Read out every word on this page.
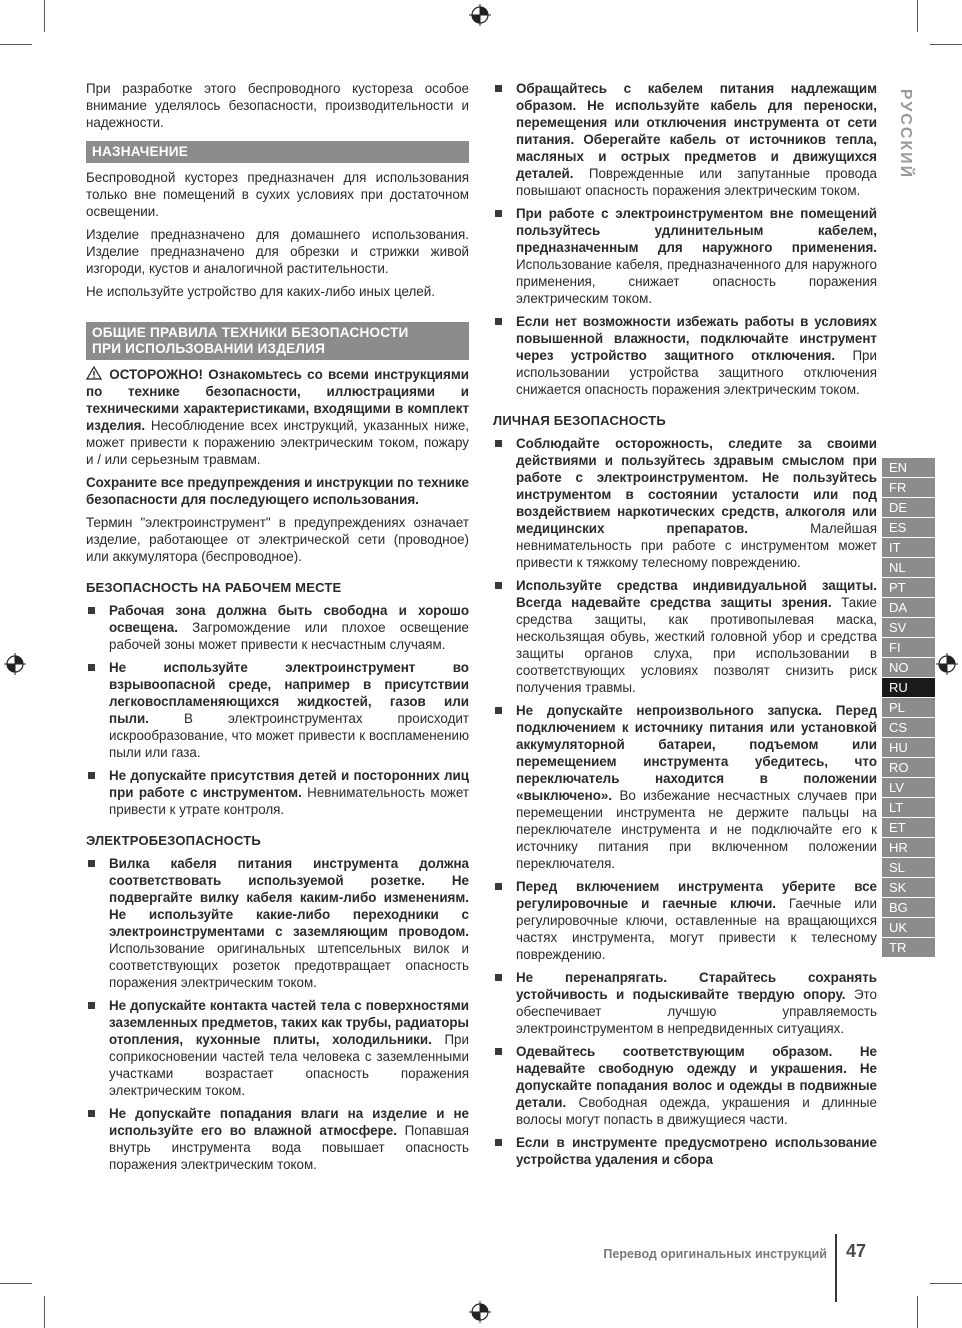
РУССКИЙ

При разработке этого беспроводного кустореза особое внимание уделялось безопасности, производительности и надежности.

НАЗНАЧЕНИЕ

Беспроводной кусторез предназначен для использования только вне помещений в сухих условиях при достаточном освещении.

Изделие предназначено для домашнего использования. Изделие предназначено для обрезки и стрижки живой изгороди, кустов и аналогичной растительности.

Не используйте устройство для каких-либо иных целей.

ОБЩИЕ ПРАВИЛА ТЕХНИКИ БЕЗОПАСНОСТИ
ПРИ ИСПОЛЬЗОВАНИИ ИЗДЕЛИЯ

ОСТОРОЖНО! Ознакомьтесь со всеми инструкциями по технике безопасности, иллюстрациями и техническими характеристиками, входящими в комплект изделия. Несоблюдение всех инструкций, указанных ниже, может привести к поражению электрическим током, пожару и / или серьезным травмам.

Сохраните все предупреждения и инструкции по технике безопасности для последующего использования.

Термин "электроинструмент" в предупреждениях означает изделие, работающее от электрической сети (проводное) или аккумулятора (беспроводное).

БЕЗОПАСНОСТЬ НА РАБОЧЕМ МЕСТЕ
Рабочая зона должна быть свободна и хорошо освещена. Загромождение или плохое освещение рабочей зоны может привести к несчастным случаям.
Не используйте электроинструмент во взрывоопасной среде, например в присутствии легковоспламеняющихся жидкостей, газов или пыли.	В электроинструментах происходит искрообразование, что может привести к воспламенению пыли или газа.
Не допускайте присутствия детей и посторонних лиц при работе с инструментом. Невнимательность может привести к утрате контроля.
ЭЛЕКТРОБЕЗОПАСНОСТЬ
Вилка кабеля питания инструмента должна соответствовать используемой розетке. Не подвергайте вилку кабеля каким-либо изменениям. Не используйте какие-либо переходники с электроинструментами с заземляющим проводом. Использование оригинальных штепсельных вилок и соответствующих розеток предотвращает опасность поражения электрическим током.
Не допускайте контакта частей тела с поверхностями заземленных предметов, таких как трубы, радиаторы отопления, кухонные плиты, холодильники. При соприкосновении частей тела человека с заземленными участками возрастает опасность поражения электрическим током.
Не допускайте попадания влаги на изделие и не используйте его во влажной атмосфере. Попавшая внутрь инструмента вода повышает опасность поражения электрическим током.
Обращайтесь с кабелем питания надлежащим образом. Не используйте кабель для переноски, перемещения или отключения инструмента от сети питания. Оберегайте кабель от источников тепла, масляных и острых предметов и движущихся деталей. Поврежденные или запутанные провода повышают опасность поражения электрическим током.
При работе с электроинструментом вне помещений пользуйтесь удлинительным кабелем, предназначенным для наружного применения. Использование кабеля, предназначенного для наружного применения, снижает опасность поражения электрическим током.
Если нет возможности избежать работы в условиях повышенной влажности, подключайте инструмент через устройство защитного отключения. При использовании устройства защитного отключения снижается опасность поражения электрическим током.
ЛИЧНАЯ БЕЗОПАСНОСТЬ
Соблюдайте осторожность, следите за своими действиями и пользуйтесь здравым смыслом при работе с электроинструментом. Не пользуйтесь инструментом в состоянии усталости или под воздействием наркотических средств, алкоголя или медицинских препаратов.	Малейшая невнимательность при работе с инструментом может привести к тяжкому телесному повреждению.
Используйте средства индивидуальной защиты. Всегда надевайте средства защиты зрения. Такие средства защиты, как противопылевая маска, нескользящая обувь, жесткий головной убор и средства защиты органов слуха, при использовании в соответствующих условиях позволят снизить риск получения травмы.
Не допускайте непроизвольного запуска. Перед подключением к источнику питания или установкой аккумуляторной батареи, подъемом или перемещением инструмента убедитесь, что переключатель находится в положении «выключено». Во избежание несчастных случаев при перемещении инструмента не держите пальцы на переключателе инструмента и не подключайте его к источнику питания при включенном положении переключателя.
Перед включением инструмента уберите все регулировочные и гаечные ключи. Гаечные или регулировочные ключи, оставленные на вращающихся частях инструмента, могут привести к телесному повреждению.
Не перенапрягать. Старайтесь сохранять устойчивость и подыскивайте твердую опору. Это обеспечивает лучшую управляемость электроинструментом в непредвиденных ситуациях.
Одевайтесь соответствующим образом. Не надевайте свободную одежду и украшения. Не допускайте попадания волос и одежды в подвижные детали. Свободная одежда, украшения и длинные волосы могут попасть в движущиеся части.
Если в инструменте предусмотрено использование устройства удаления и сбора
EN
FR
DE
ES
IT
NL
PT
DA
SV
FI
NO
RU
PL
CS
HU
RO
LV
LT
ET
HR
SL
SK
BG
UK
TR
Перевод оригинальных инструкций 47
